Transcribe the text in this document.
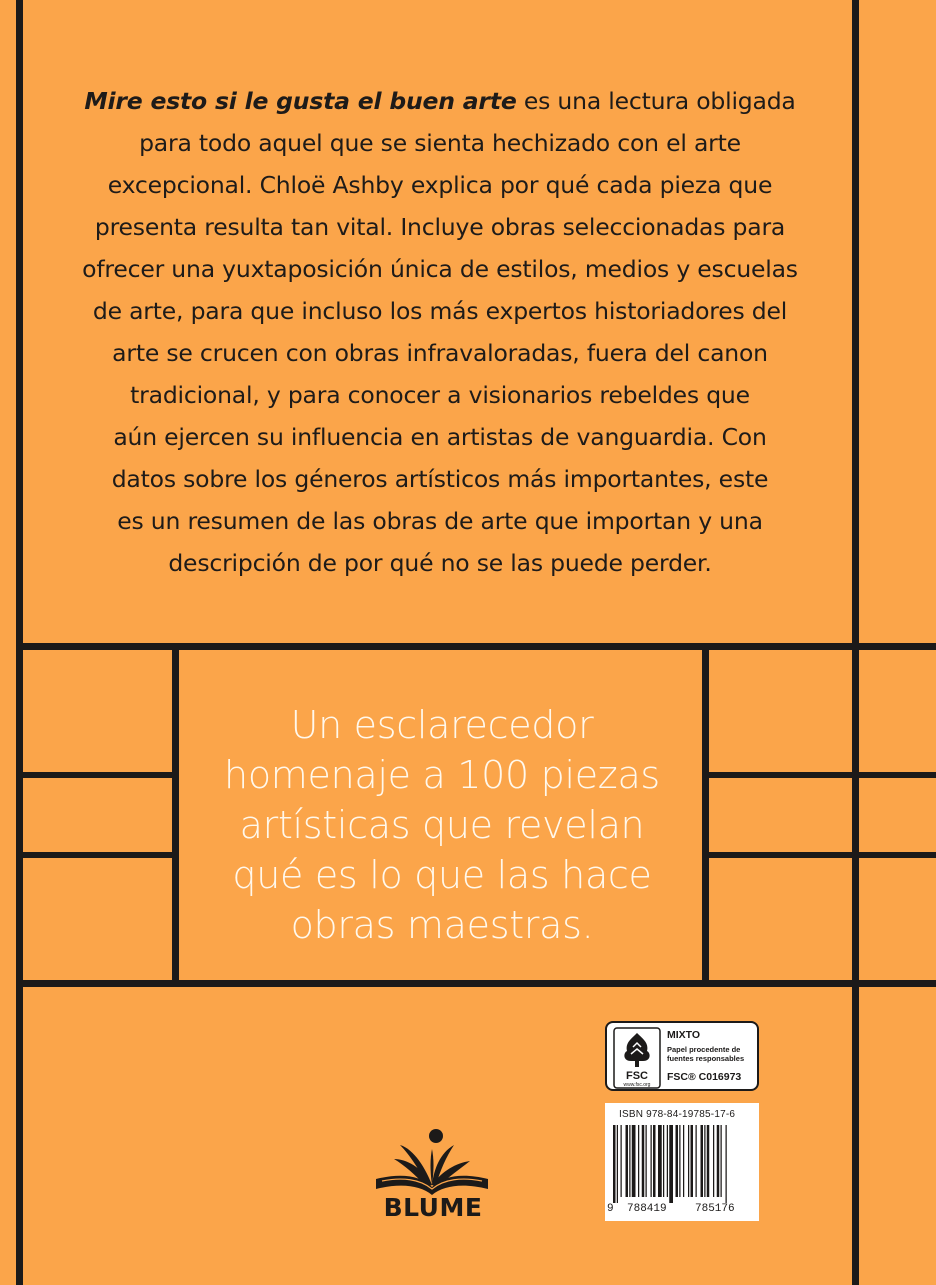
Mire esto si le gusta el buen arte es una lectura obligada
para todo aquel que se sienta hechizado con el arte
excepcional. Chloë Ashby explica por qué cada pieza que
presenta resulta tan vital. Incluye obras seleccionadas para
ofrecer una yuxtaposición única de estilos, medios y escuelas
de arte, para que incluso los más expertos historiadores del
arte se crucen con obras infravaloradas, fuera del canon
tradicional, y para conocer a visionarios rebeldes que
aún ejercen su influencia en artistas de vanguardia. Con
datos sobre los géneros artísticos más importantes, este
es un resumen de las obras de arte que importan y una
descripción de por qué no se las puede perder.
Un esclarecedor
homenaje a 100 piezas
artísticas que revelan
qué es lo que las hace
obras maestras.
FSC
www.fsc.org
MIXTO
Papel procedente de fuentes responsables
FSC® C016973
ISBN 978-84-19785-17-6
9 788419	785176
BLUME
